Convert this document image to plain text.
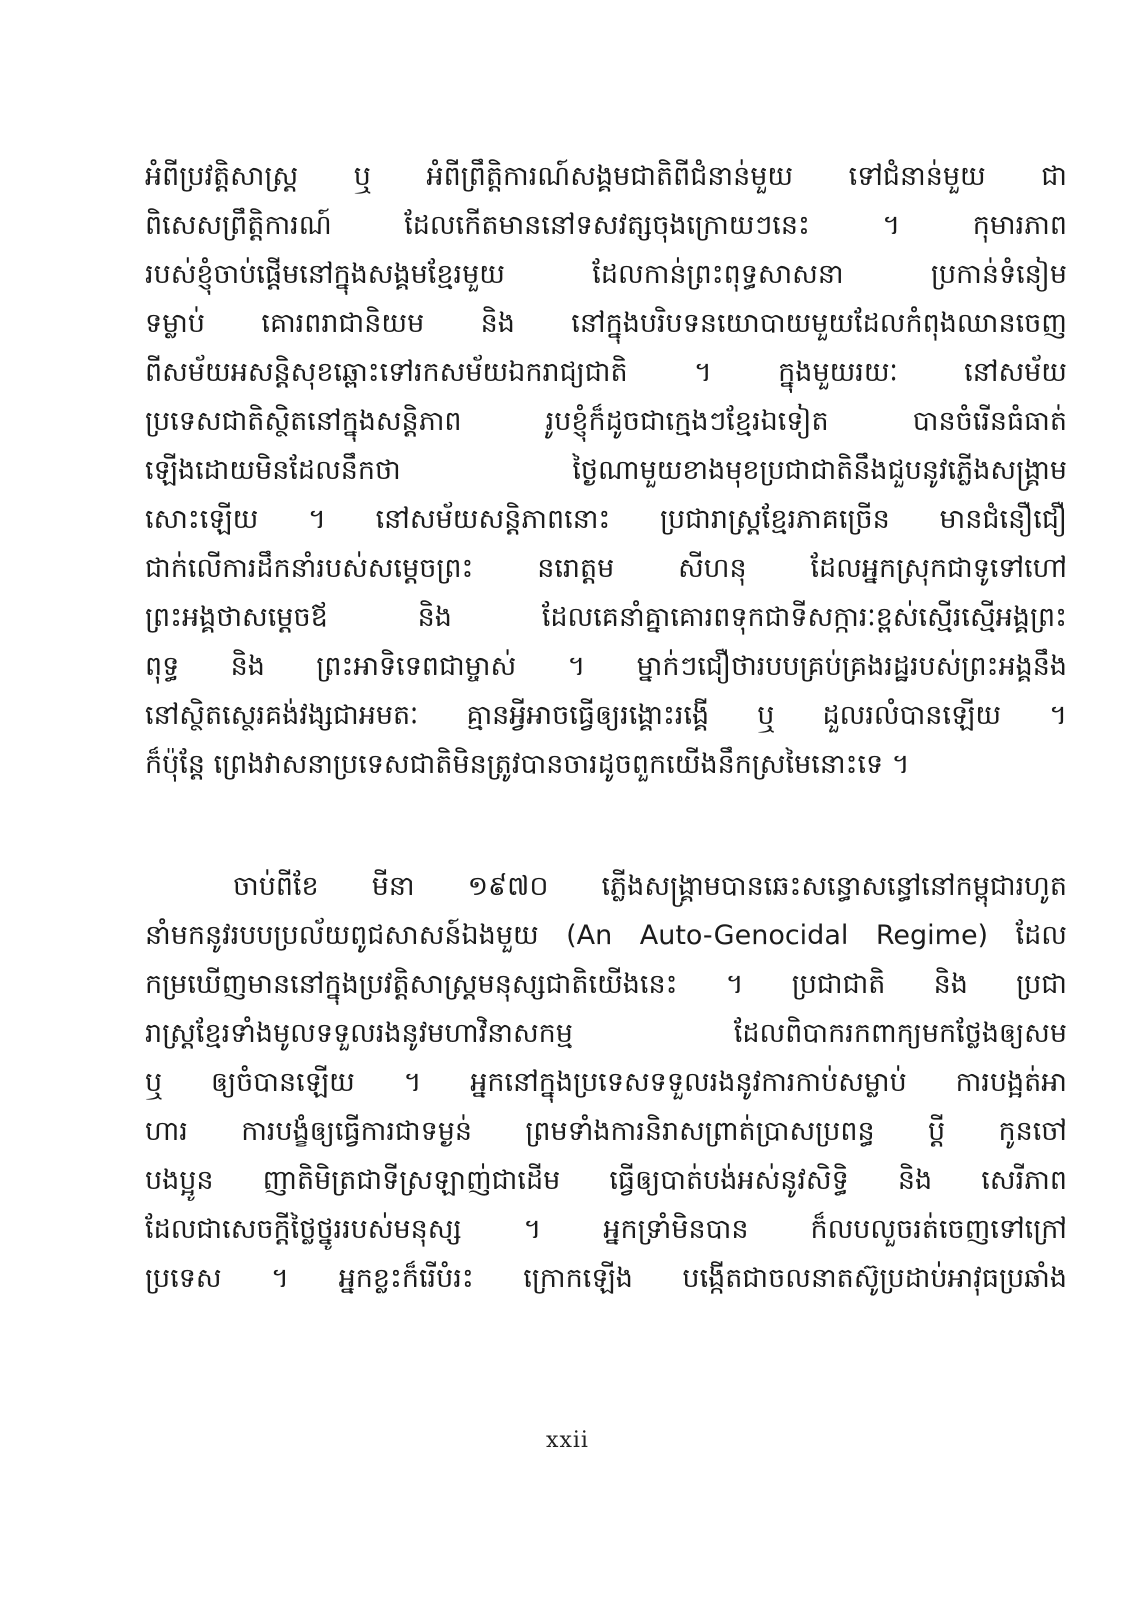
អំពីប្រវត្តិសាស្ត្រ ឬ អំពីព្រឹត្តិការណ៍សង្គមជាតិពីជំនាន់មួយ ទៅជំនាន់មួយ ជា
ពិសេសព្រឹត្តិការណ៍ ដែលកើតមាននៅទសវត្សចុងក្រោយៗនេះ ។ កុមារភាព
របស់ខ្ញុំចាប់ផ្តើមនៅក្នុងសង្គមខ្មែរមួយ ដែលកាន់ព្រះពុទ្ធសាសនា ប្រកាន់ទំនៀម
ទម្លាប់ គោរពរាជានិយម និង នៅក្នុងបរិបទនយោបាយមួយដែលកំពុងឈានចេញ
ពីសម័យអសន្តិសុខឆ្ពោះទៅរកសម័យឯករាជ្យជាតិ ។ ក្នុងមួយរយៈ នៅសម័យ
ប្រទេសជាតិស្ថិតនៅក្នុងសន្តិភាព រូបខ្ញុំក៏ដូចជាក្មេងៗខ្មែរឯទៀត បានចំរើនធំធាត់
ឡើងដោយមិនដែលនឹកថា ថ្ងៃណាមួយខាងមុខប្រជាជាតិនឹងជួបនូវភ្លើងសង្គ្រាម
សោះឡើយ ។ នៅសម័យសន្តិភាពនោះ ប្រជារាស្ត្រខ្មែរភាគច្រើន មានជំនឿជឿ
ជាក់លើការដឹកនាំរបស់សម្តេចព្រះ នរោត្តម សីហនុ ដែលអ្នកស្រុកជាទូទៅហៅ
ព្រះអង្គថាសម្តេចឪ និង ដែលគេនាំគ្នាគោរពទុកជាទីសក្ការៈខ្ពស់ស្មើរស្មើអង្គព្រះ
ពុទ្ធ និង ព្រះអាទិទេពជាម្ចាស់ ។ ម្នាក់ៗជឿថារបបគ្រប់គ្រងរដ្ឋរបស់ព្រះអង្គនឹង
នៅស្ថិតស្ថេរគង់វង្សជាអមតៈ គ្មានអ្វីអាចធ្វើឲ្យរង្គោះរង្គើ ឬ ដួលរលំបានឡើយ ។
ក៏ប៉ុន្តែ ព្រេងវាសនាប្រទេសជាតិមិនត្រូវបានចារដូចពួកយើងនឹកស្រមៃនោះទេ ។
ចាប់ពីខែ មីនា ១៩៧០ ភ្លើងសង្គ្រាមបានឆេះសន្ធោសន្ធៅនៅកម្ពុជារហូត
នាំមកនូវរបបប្រល័យពូជសាសន៍ឯងមួយ (An Auto-Genocidal Regime) ដែល
កម្រឃើញមាននៅក្នុងប្រវត្តិសាស្ត្រមនុស្សជាតិយើងនេះ ។ ប្រជាជាតិ និង ប្រជា
រាស្ត្រខ្មែរទាំងមូលទទួលរងនូវមហាវិនាសកម្ម ដែលពិបាករកពាក្យមកថ្លែងឲ្យសម
ឬ ឲ្យចំបានឡើយ ។ អ្នកនៅក្នុងប្រទេសទទួលរងនូវការកាប់សម្លាប់ ការបង្អត់អា
ហារ ការបង្ខំឲ្យធ្វើការជាទម្ងន់ ព្រមទាំងការនិរាសព្រាត់ប្រាសប្រពន្ធ ប្តី កូនចៅ
បងប្អូន ញាតិមិត្រជាទីស្រឡាញ់ជាដើម ធ្វើឲ្យបាត់បង់អស់នូវសិទ្ធិ និង សេរីភាព
ដែលជាសេចក្តីថ្លៃថ្នូររបស់មនុស្ស ។ អ្នកទ្រាំមិនបាន ក៏លបលួចរត់ចេញទៅក្រៅ
ប្រទេស ។ អ្នកខ្លះក៏រើបំរះ ក្រោកឡើង បង្កើតជាចលនាតស៊ូប្រដាប់អាវុធប្រឆាំង
xxii
